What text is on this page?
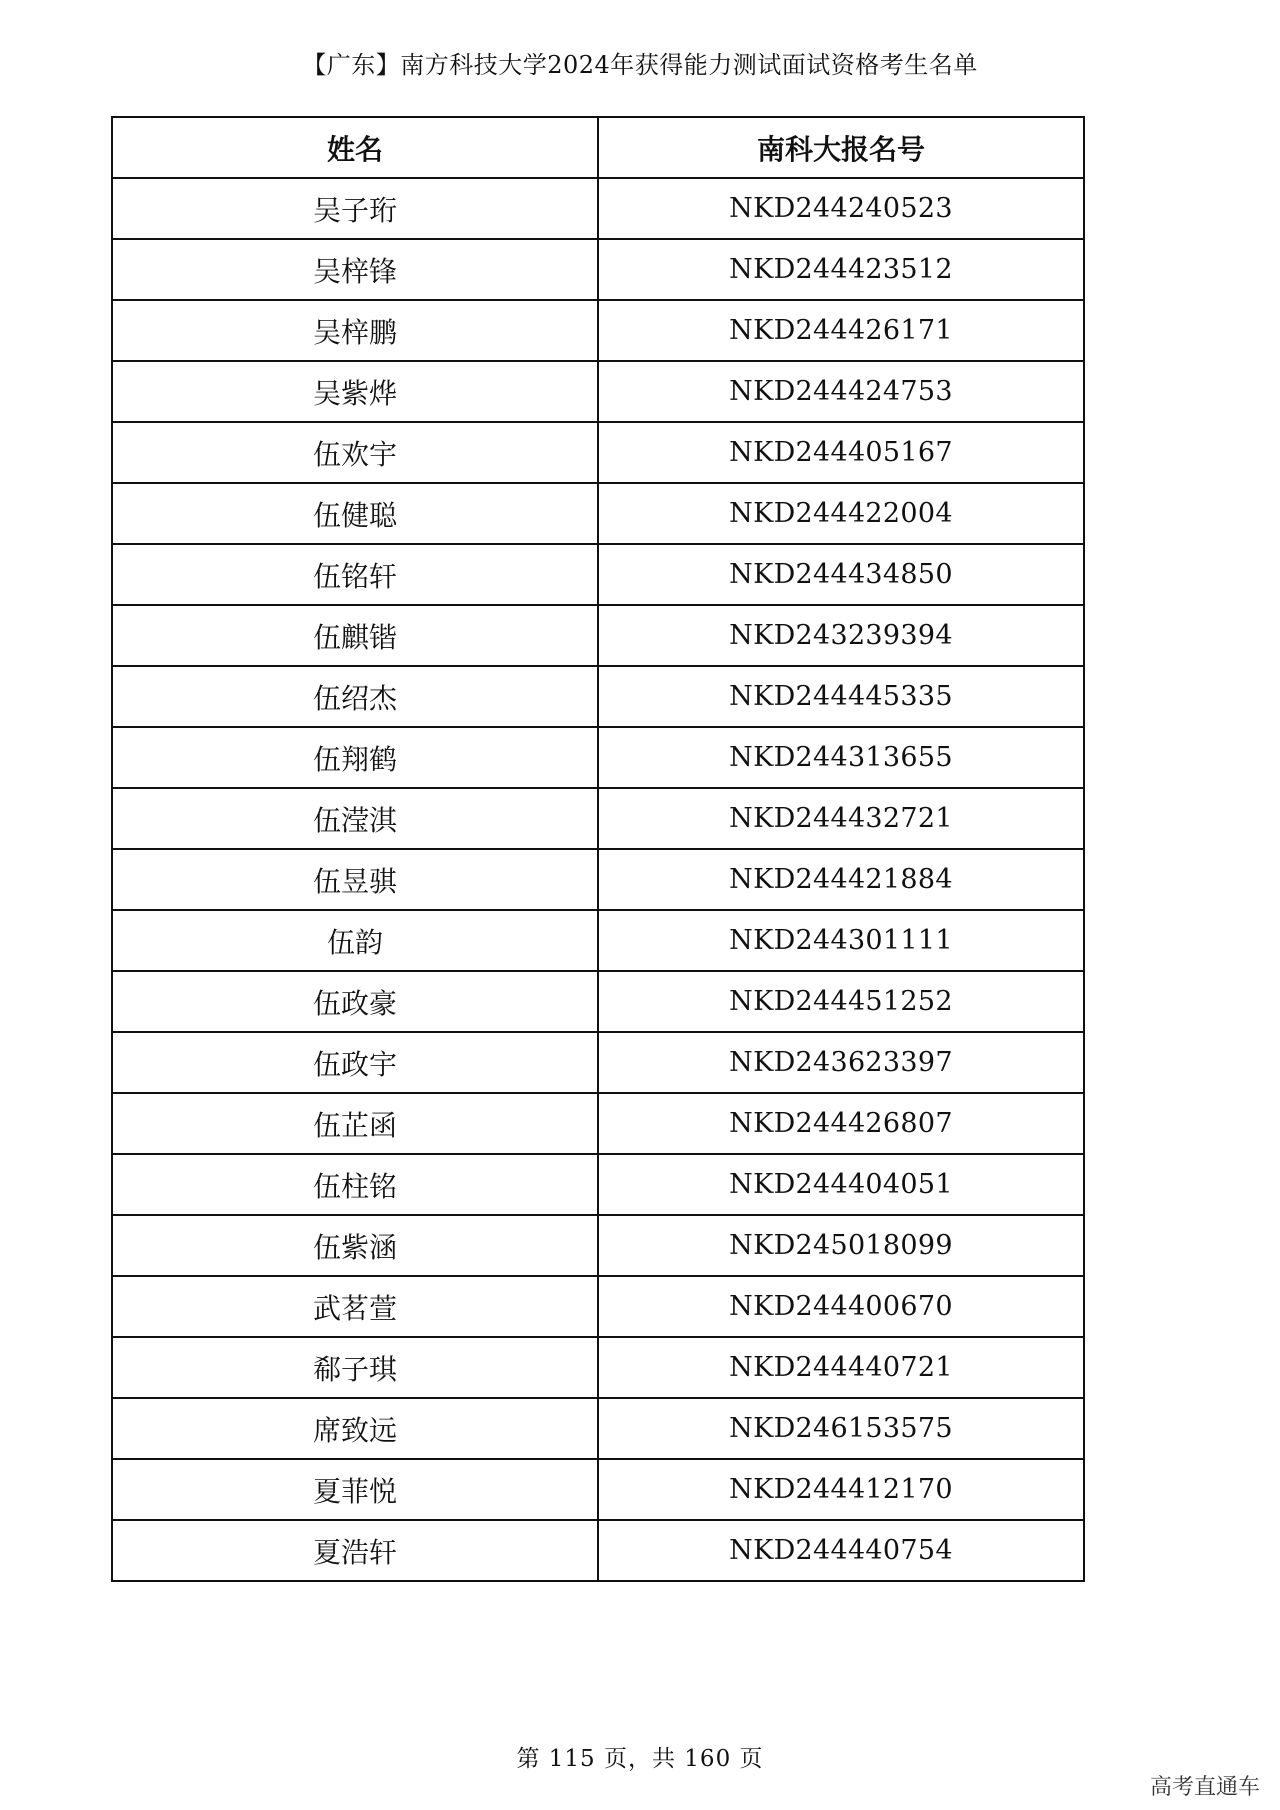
【广东】南方科技大学2024年获得能力测试面试资格考生名单
姓名	南科大报名号
吴子珩	NKD244240523
吴梓锋	NKD244423512
吴梓鹏	NKD244426171
吴紫烨	NKD244424753
伍欢宇	NKD244405167
伍健聪	NKD244422004
伍铭轩	NKD244434850
伍麒锴	NKD243239394
伍绍杰	NKD244445335
伍翔鹤	NKD244313655
伍滢淇	NKD244432721
伍昱骐	NKD244421884
伍韵	NKD244301111
伍政豪	NKD244451252
伍政宇	NKD243623397
伍芷函	NKD244426807
伍柱铭	NKD244404051
伍紫涵	NKD245018099
武茗萱	NKD244400670
郗子琪	NKD244440721
席致远	NKD246153575
夏菲悦	NKD244412170
夏浩轩	NKD244440754
第 115 页，共 160 页
高考直通车
